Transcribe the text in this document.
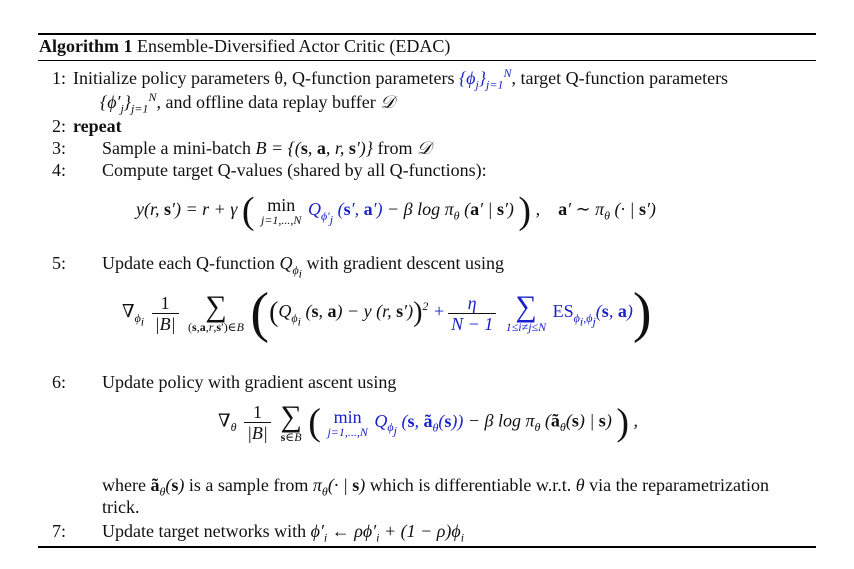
Algorithm 1 Ensemble-Diversified Actor Critic (EDAC)
1: Initialize policy parameters θ, Q-function parameters $\{\phi_j\}_{j=1}^N$, target Q-function parameters
$\{\phi'_j\}_{j=1}^N$, and offline data replay buffer 𝒟
2: repeat
3: Sample a mini-batch B = {(s, a, r, s′)} from 𝒟
4: Compute target Q-values (shared by all Q-functions):
y(r, s′) = r + γ ( min
j=1,...,N
$Q_{\phi'_j}$ (s′, a′) − β $\log \pi_\theta$ (a′ | s′) ) ,    a′ ∼ $\pi_\theta$ (· | s′)
5: Update each Q-function $Q_{\phi_i}$ with gradient descent using
$\nabla_{\phi_i} \frac{1}{|B|}$
∑
(s,a,r,s′)∈B (($Q_{\phi_i}$ (s, a) − y (r, $s'))^2 + \frac{\eta}{N - 1}$
∑
1≤i≠j≤N
$ES_{\phi_i,\phi_j}(s$, a))
6: Update policy with gradient ascent using
$\nabla_\theta \frac{1}{|B|}$
∑
s∈B ( min
j=1,...,N
$Q_{\phi_j}$ (s, $ã_\theta(s)) - \beta$ $\log \pi_\theta$ ($ã_\theta(s)$ | s) ) ,
where $ã_\theta(s)$ is a sample from $\pi_\theta(\cdot$ | s) which is differentiable w.r.t. θ via the reparametrization
trick.
7: Update target networks with $\phi'_i$ ← $\rho\phi'_i + (1 - \rho)\phi_i$
